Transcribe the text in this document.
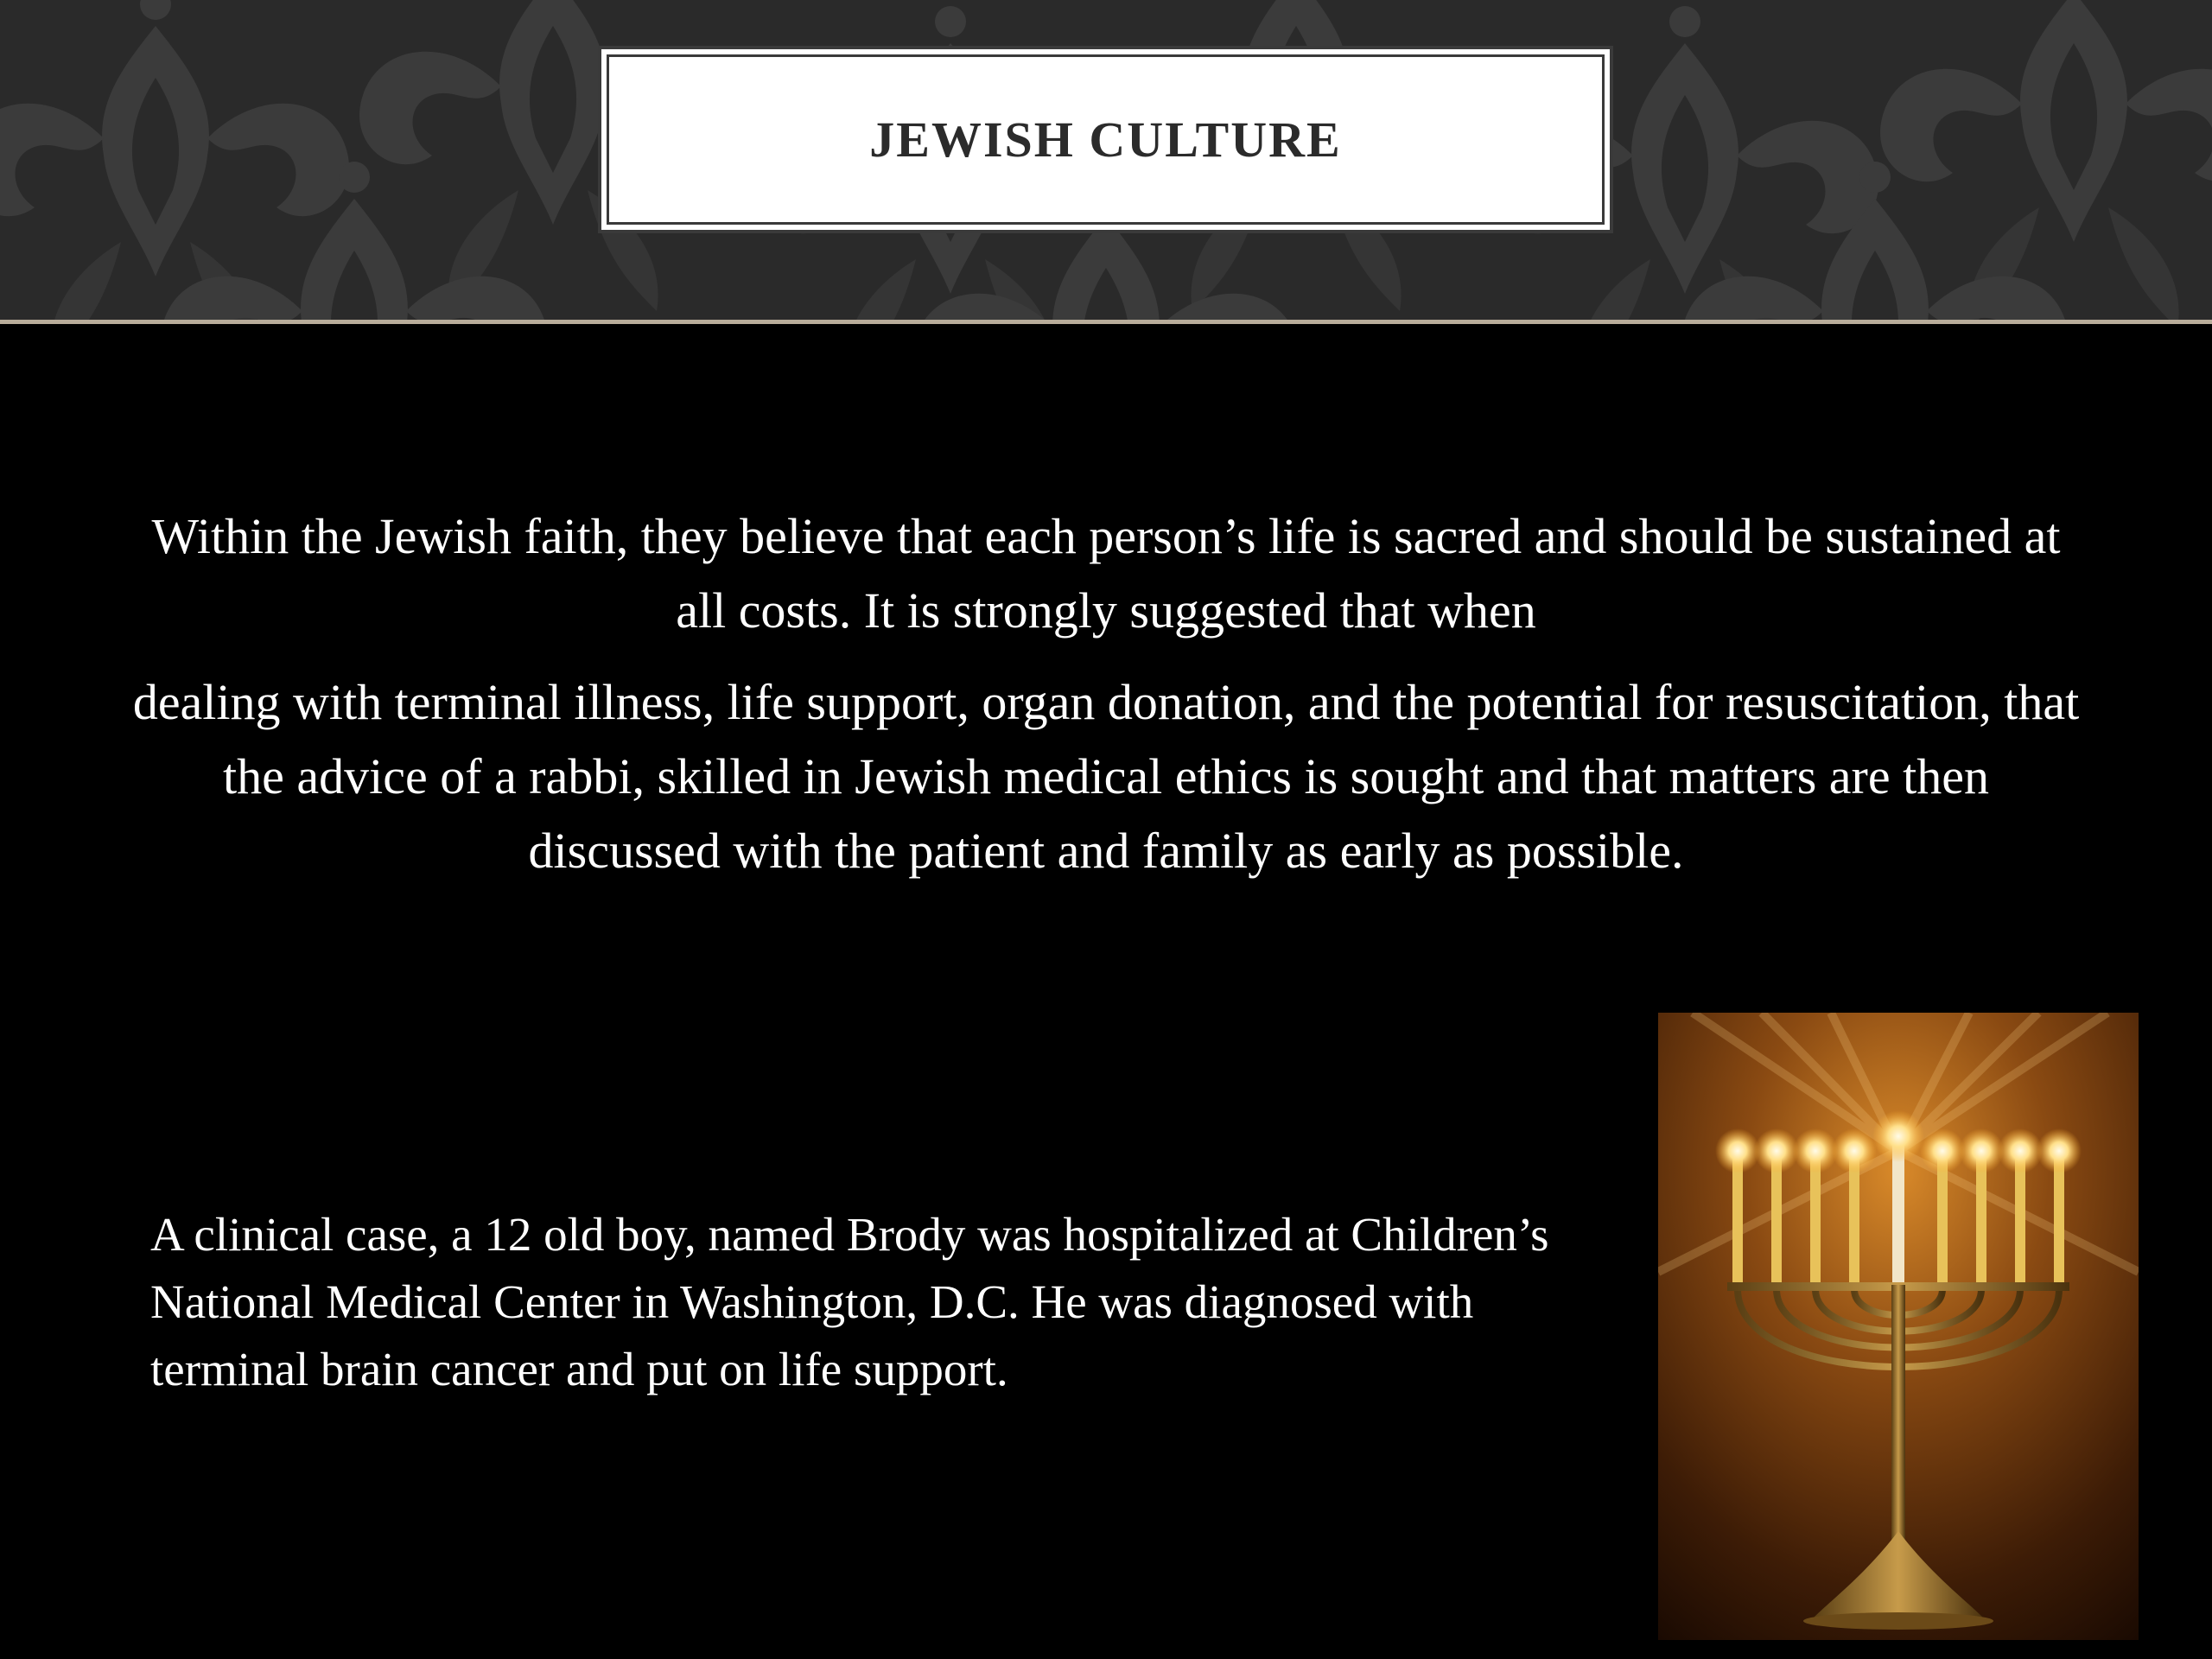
JEWISH CULTURE
Within the Jewish faith, they believe that each person’s life is sacred and should be sustained at all costs. It is strongly suggested that when
dealing with terminal illness, life support, organ donation, and the potential for resuscitation, that the advice of a rabbi, skilled in Jewish medical ethics is sought and that matters are then discussed with the patient and family as early as possible.
A clinical case, a 12 old boy, named Brody was hospitalized at Children’s National Medical Center in Washington, D.C. He was diagnosed with terminal brain cancer and put on life support.
